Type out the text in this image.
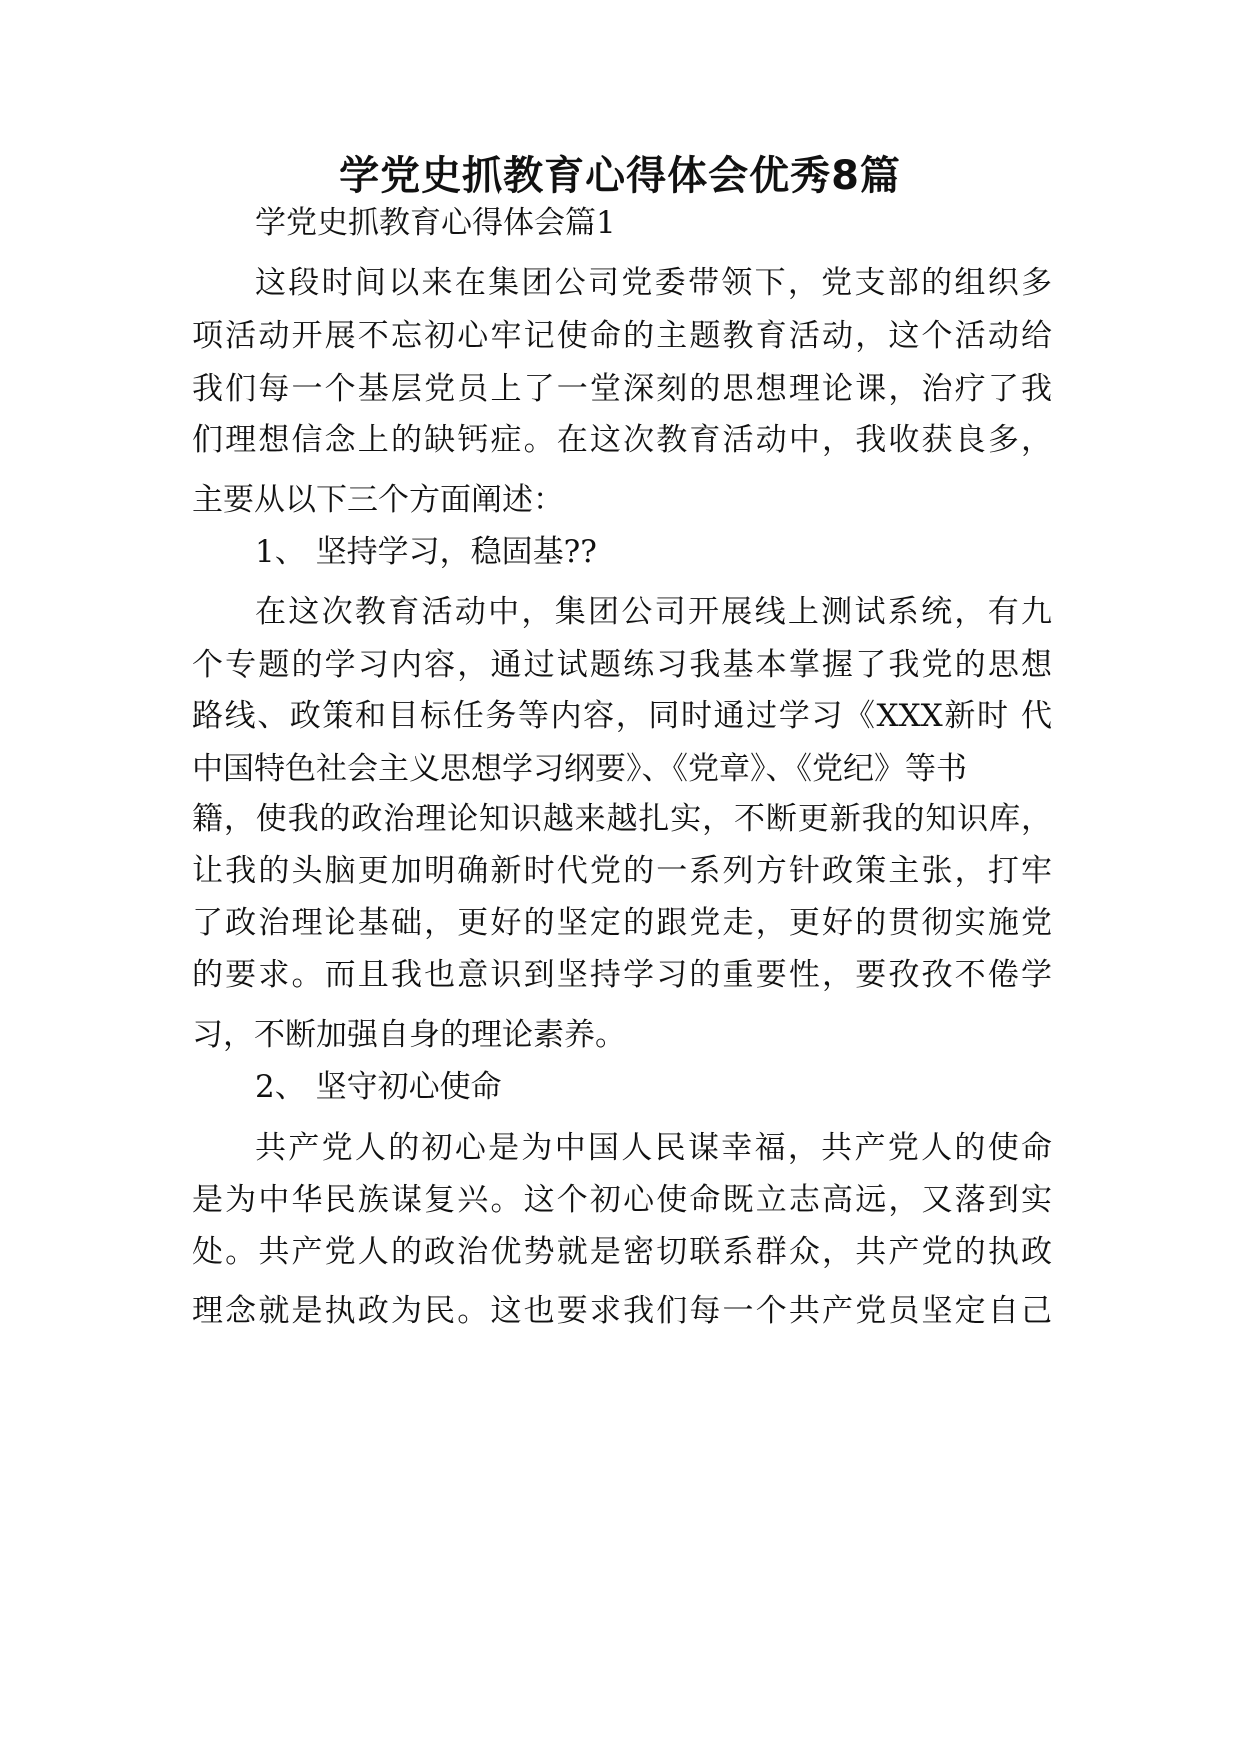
学党史抓教育心得体会优秀8篇
学党史抓教育心得体会篇1
这段时间以来在集团公司党委带领下，党支部的组织多
项活动开展不忘初心牢记使命的主题教育活动，这个活动给
我们每一个基层党员上了一堂深刻的思想理论课，治疗了我
们理想信念上的缺钙症。在这次教育活动中，我收获良多，
主要从以下三个方面阐述：
1、 坚持学习，稳固基??
在这次教育活动中，集团公司开展线上测试系统，有九
个专题的学习内容，通过试题练习我基本掌握了我党的思想
路线、政策和目标任务等内容，同时通过学习《XXX新时 代
中国特色社会主义思想学习纲要》、《党章》、《党纪》等书
籍，使我的政治理论知识越来越扎实，不断更新我的知识库，
让我的头脑更加明确新时代党的一系列方针政策主张，打牢
了政治理论基础，更好的坚定的跟党走，更好的贯彻实施党
的要求。而且我也意识到坚持学习的重要性，要孜孜不倦学
习，不断加强自身的理论素养。
2、 坚守初心使命
共产党人的初心是为中国人民谋幸福，共产党人的使命
是为中华民族谋复兴。这个初心使命既立志高远，又落到实
处。共产党人的政治优势就是密切联系群众，共产党的执政
理念就是执政为民。这也要求我们每一个共产党员坚定自己
